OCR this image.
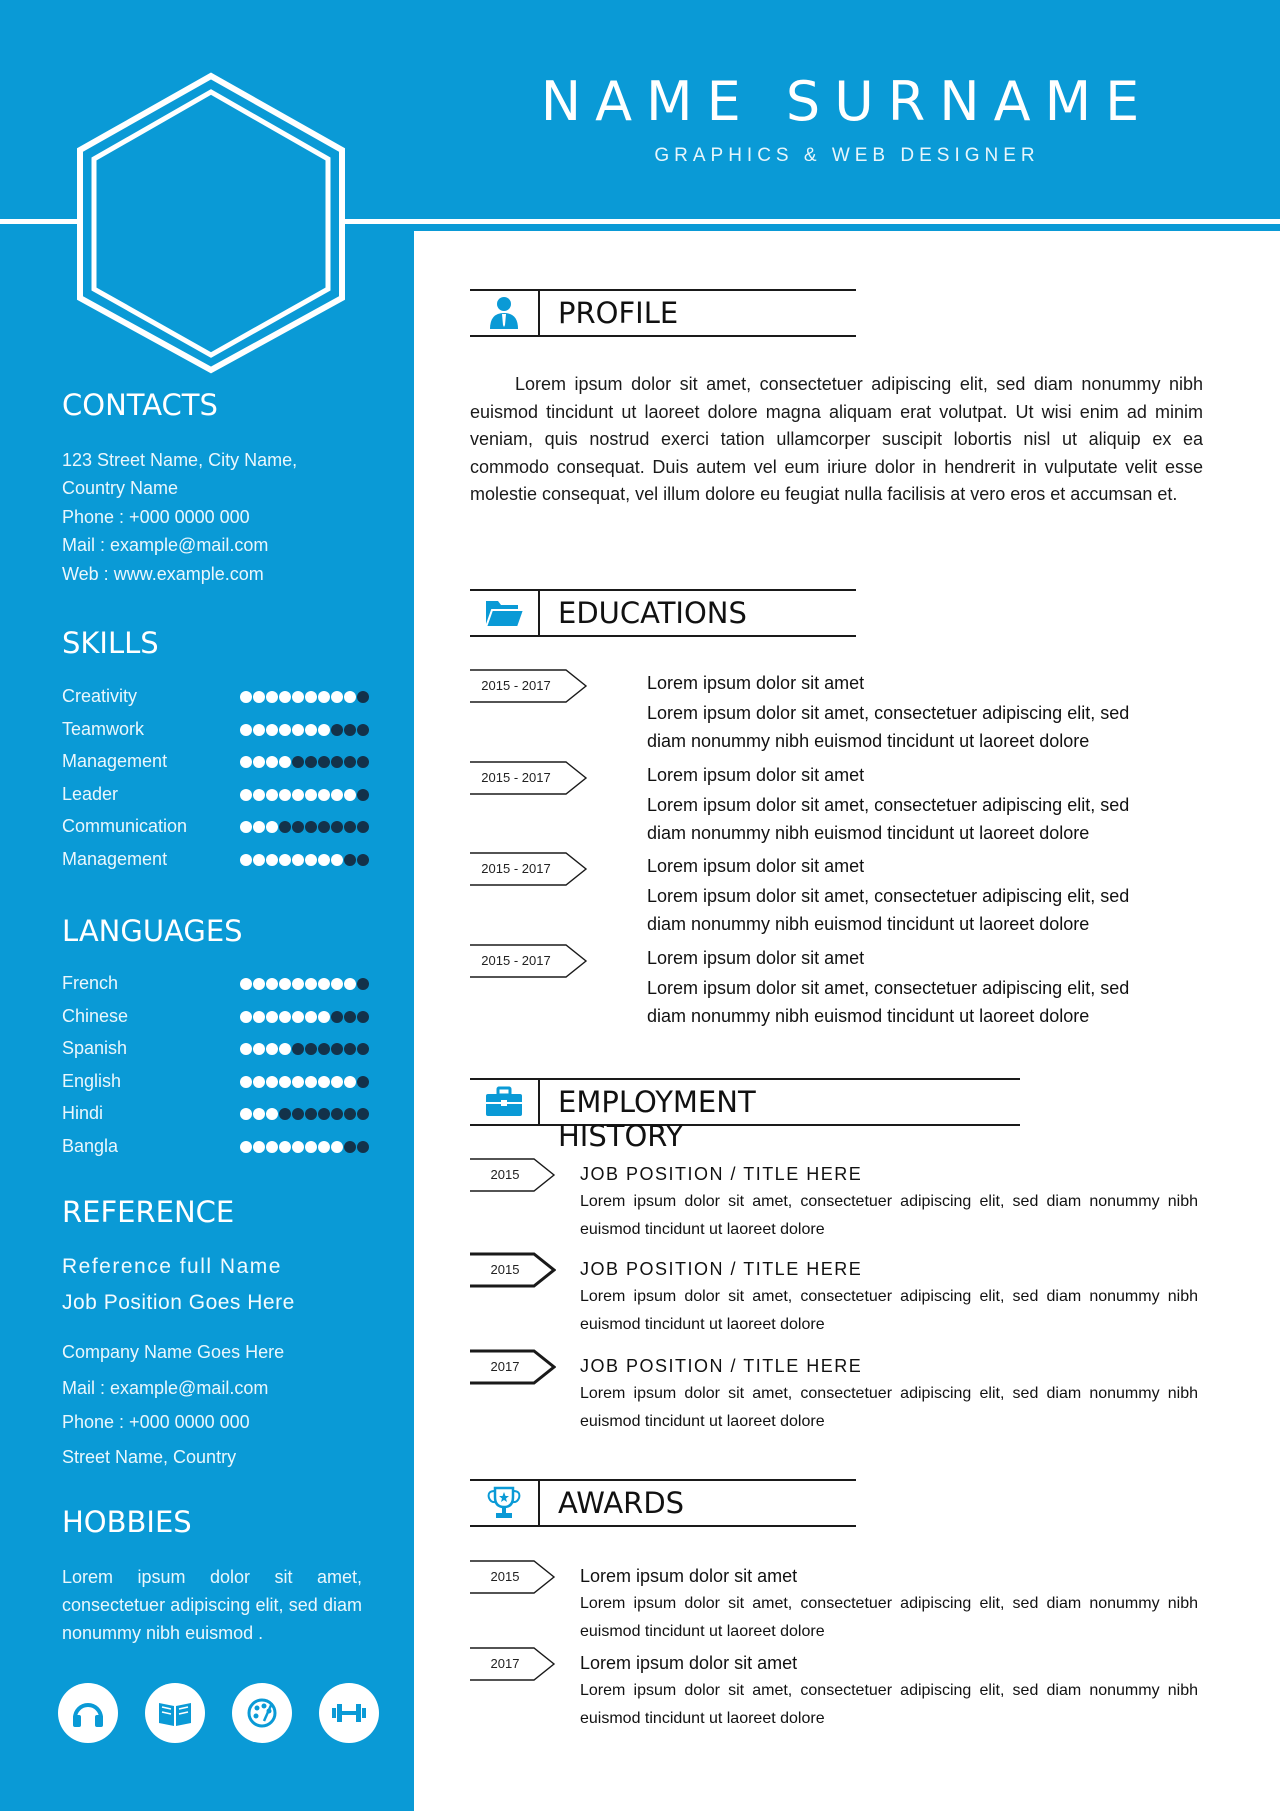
NAME SURNAME
GRAPHICS & WEB DESIGNER
CONTACTS
123 Street Name, City Name,
Country Name
Phone : +000 0000 000
Mail : example@mail.com
Web : www.example.com
SKILLS
Creativity
Teamwork
Management
Leader
Communication
Management
LANGUAGES
French
Chinese
Spanish
English
Hindi
Bangla
REFERENCE
Reference full Name
Job Position Goes Here
Company Name Goes Here
Mail : example@mail.com
Phone : +000 0000 000
Street Name, Country
HOBBIES
Lorem ipsum dolor sit amet, consectetuer adipiscing elit, sed diam nonummy nibh euismod .
PROFILE
Lorem ipsum dolor sit amet, consectetuer adipiscing elit, sed diam nonummy nibh euismod tincidunt ut laoreet dolore magna aliquam erat volutpat. Ut wisi enim ad minim veniam, quis nostrud exerci tation ullamcorper suscipit lobortis nisl ut aliquip ex ea commodo consequat. Duis autem vel eum iriure dolor in hendrerit in vulputate velit esse molestie consequat, vel illum dolore eu feugiat nulla facilisis at vero eros et accumsan et.
EDUCATIONS
2015 - 2017	Lorem ipsum dolor sit amet
Lorem ipsum dolor sit amet, consectetuer adipiscing elit, sed
diam nonummy nibh euismod tincidunt ut laoreet dolore
2015 - 2017	Lorem ipsum dolor sit amet
Lorem ipsum dolor sit amet, consectetuer adipiscing elit, sed
diam nonummy nibh euismod tincidunt ut laoreet dolore
2015 - 2017	Lorem ipsum dolor sit amet
Lorem ipsum dolor sit amet, consectetuer adipiscing elit, sed
diam nonummy nibh euismod tincidunt ut laoreet dolore
2015 - 2017	Lorem ipsum dolor sit amet
Lorem ipsum dolor sit amet, consectetuer adipiscing elit, sed
diam nonummy nibh euismod tincidunt ut laoreet dolore
EMPLOYMENT HISTORY
2015	JOB POSITION / TITLE HERE
Lorem ipsum dolor sit amet, consectetuer adipiscing elit, sed diam nonummy nibh euismod tincidunt ut laoreet dolore
2015	JOB POSITION / TITLE HERE
Lorem ipsum dolor sit amet, consectetuer adipiscing elit, sed diam nonummy nibh euismod tincidunt ut laoreet dolore
2017	JOB POSITION / TITLE HERE
Lorem ipsum dolor sit amet, consectetuer adipiscing elit, sed diam nonummy nibh euismod tincidunt ut laoreet dolore
AWARDS
2015	Lorem ipsum dolor sit amet
Lorem ipsum dolor sit amet, consectetuer adipiscing elit, sed diam nonummy nibh euismod tincidunt ut laoreet dolore
2017	Lorem ipsum dolor sit amet
Lorem ipsum dolor sit amet, consectetuer adipiscing elit, sed diam nonummy nibh euismod tincidunt ut laoreet dolore
